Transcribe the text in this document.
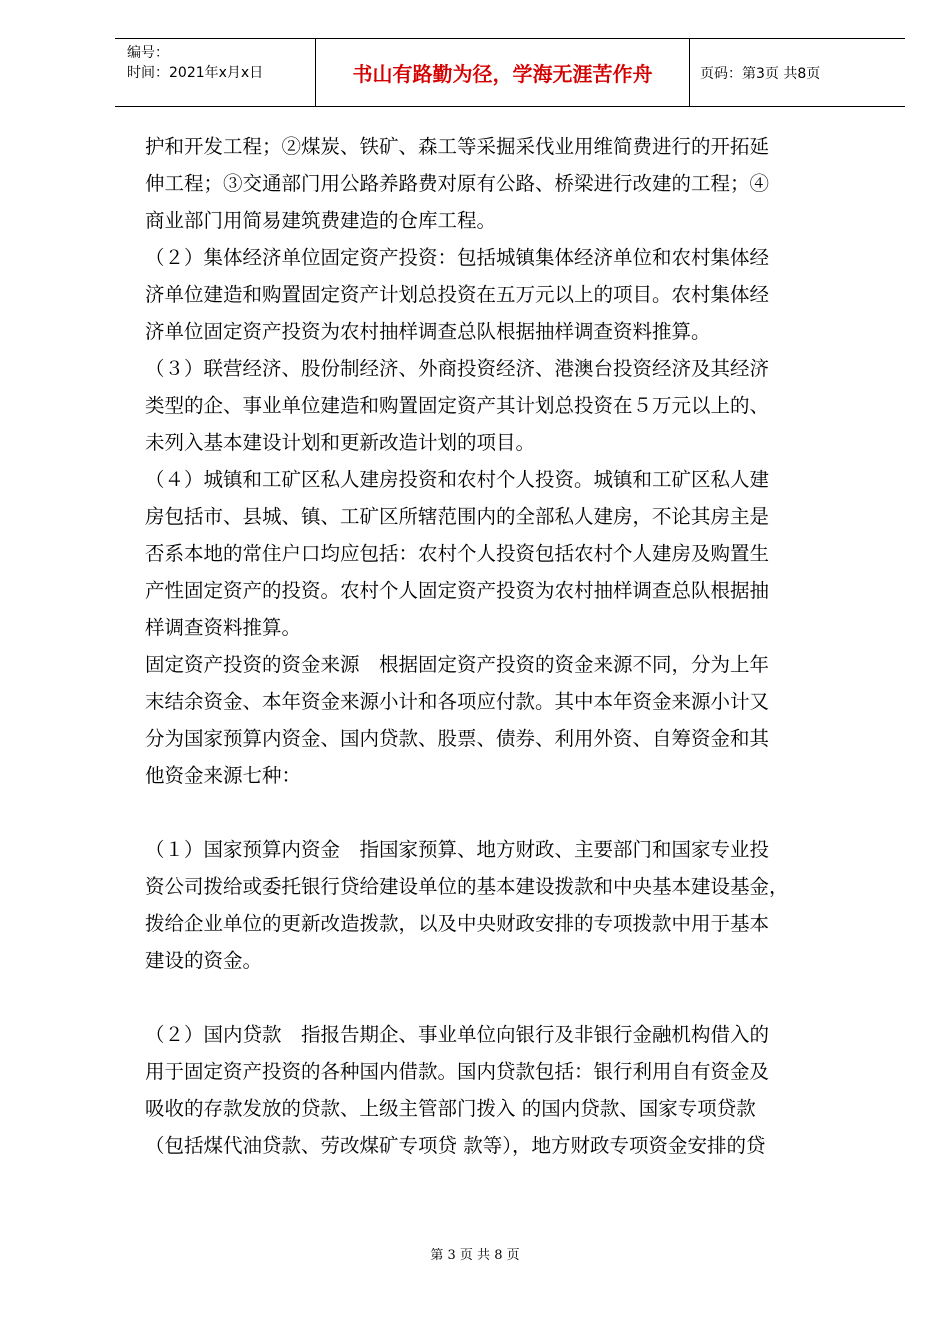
编号：
时间：2021年x月x日	书山有路勤为径，学海无涯苦作舟	页码：第3页 共8页

护和开发工程；②煤炭、铁矿、森工等采掘采伐业用维简费进行的开拓延

伸工程；③交通部门用公路养路费对原有公路、桥梁进行改建的工程；④

商业部门用简易建筑费建造的仓库工程。

（２）集体经济单位固定资产投资：包括城镇集体经济单位和农村集体经

济单位建造和购置固定资产计划总投资在五万元以上的项目。农村集体经

济单位固定资产投资为农村抽样调查总队根据抽样调查资料推算。

（３）联营经济、股份制经济、外商投资经济、港澳台投资经济及其经济

类型的企、事业单位建造和购置固定资产其计划总投资在５万元以上的、

未列入基本建设计划和更新改造计划的项目。

（４）城镇和工矿区私人建房投资和农村个人投资。城镇和工矿区私人建

房包括市、县城、镇、工矿区所辖范围内的全部私人建房，不论其房主是

否系本地的常住户口均应包括：农村个人投资包括农村个人建房及购置生

产性固定资产的投资。农村个人固定资产投资为农村抽样调查总队根据抽

样调查资料推算。

固定资产投资的资金来源　根据固定资产投资的资金来源不同，分为上年

末结余资金、本年资金来源小计和各项应付款。其中本年资金来源小计又

分为国家预算内资金、国内贷款、股票、债券、利用外资、自筹资金和其

他资金来源七种：

（１）国家预算内资金　指国家预算、地方财政、主要部门和国家专业投

资公司拨给或委托银行贷给建设单位的基本建设拨款和中央基本建设基金，

拨给企业单位的更新改造拨款，以及中央财政安排的专项拨款中用于基本

建设的资金。

（２）国内贷款　指报告期企、事业单位向银行及非银行金融机构借入的

用于固定资产投资的各种国内借款。国内贷款包括：银行利用自有资金及

吸收的存款发放的贷款、上级主管部门拨入 的国内贷款、国家专项贷款

（包括煤代油贷款、劳改煤矿专项贷 款等），地方财政专项资金安排的贷

第 3 页 共 8 页
